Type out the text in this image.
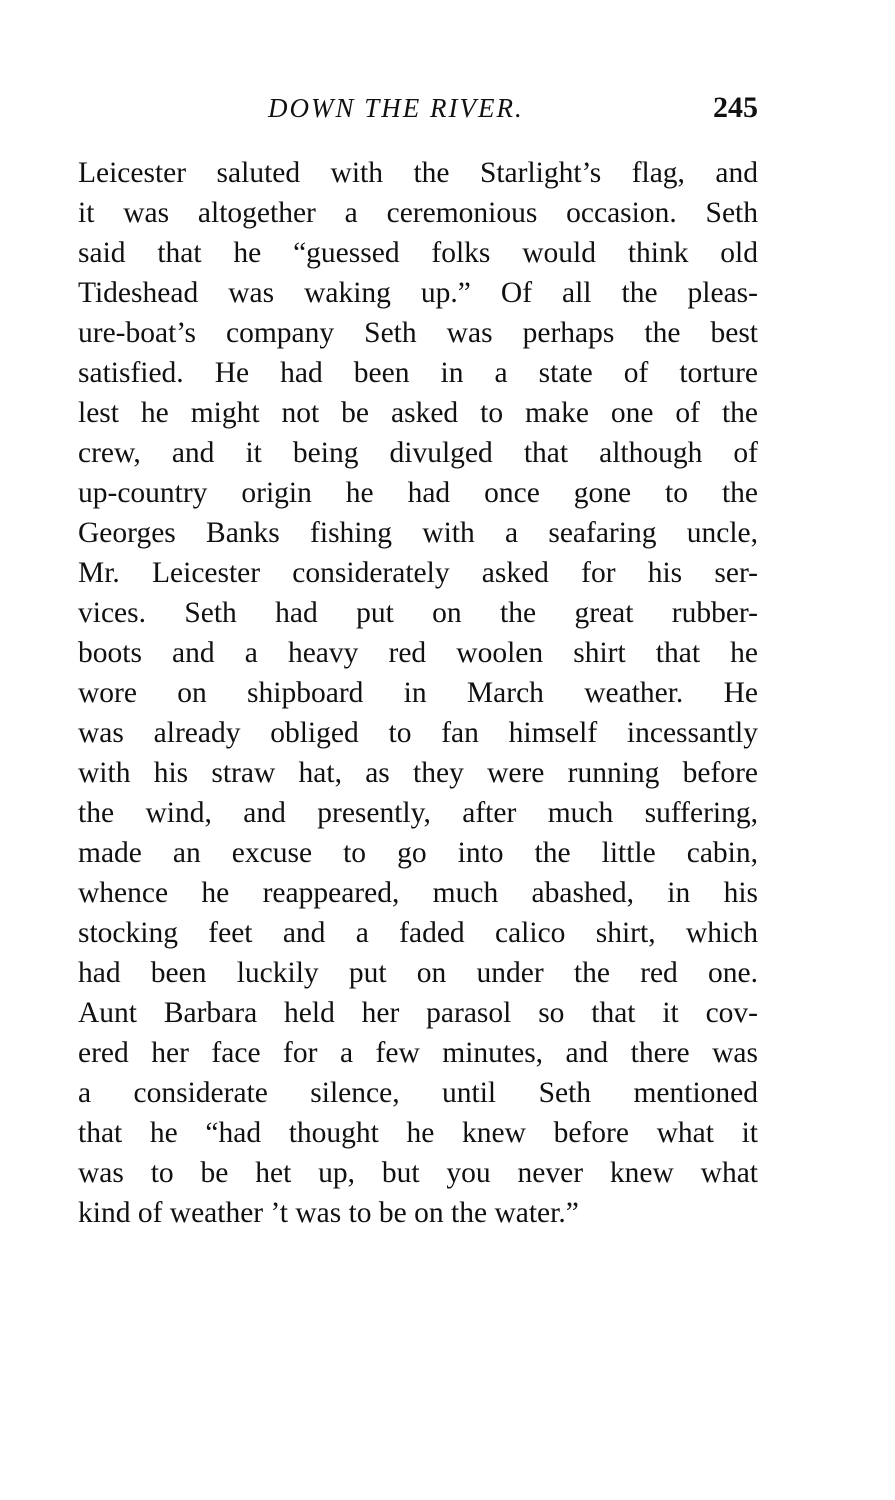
DOWN THE RIVER.	245
Leicester saluted with the Starlight’s flag, and
it was altogether a ceremonious occasion. Seth
said that he “guessed folks would think old
Tideshead was waking up.” Of all the pleas-
ure-boat’s company Seth was perhaps the best
satisfied. He had been in a state of torture
lest he might not be asked to make one of the
crew, and it being divulged that although of
up-country origin he had once gone to the
Georges Banks fishing with a seafaring uncle,
Mr. Leicester considerately asked for his ser-
vices. Seth had put on the great rubber-
boots and a heavy red woolen shirt that he
wore on shipboard in March weather. He
was already obliged to fan himself incessantly
with his straw hat, as they were running before
the wind, and presently, after much suffering,
made an excuse to go into the little cabin,
whence he reappeared, much abashed, in his
stocking feet and a faded calico shirt, which
had been luckily put on under the red one.
Aunt Barbara held her parasol so that it cov-
ered her face for a few minutes, and there was
a considerate silence, until Seth mentioned
that he “had thought he knew before what it
was to be het up, but you never knew what
kind of weather ’t was to be on the water.”
